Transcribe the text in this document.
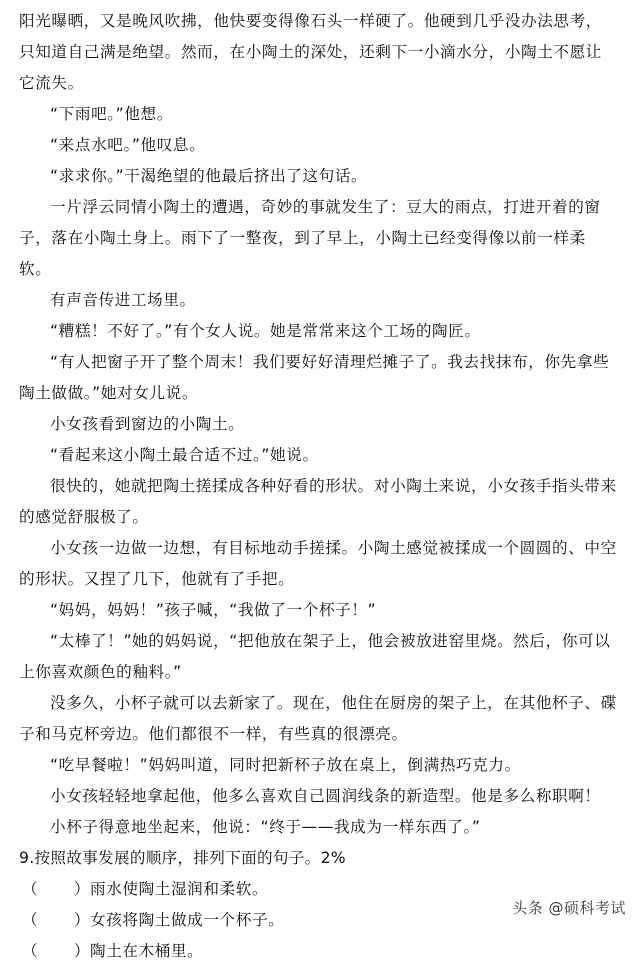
阳光曝晒，又是晚风吹拂，他快要变得像石头一样硬了。他硬到几乎没办法思考，只知道自己满是绝望。然而，在小陶土的深处，还剩下一小滴水分，小陶土不愿让它流失。

“下雨吧。”他想。

“来点水吧。”他叹息。

“求求你。”干渴绝望的他最后挤出了这句话。

一片浮云同情小陶土的遭遇，奇妙的事就发生了：豆大的雨点，打进开着的窗子，落在小陶土身上。雨下了一整夜，到了早上，小陶土已经变得像以前一样柔软。

有声音传进工场里。

“糟糕！不好了。”有个女人说。她是常常来这个工场的陶匠。

“有人把窗子开了整个周末！我们要好好清理烂摊子了。我去找抹布，你先拿些陶土做做。”她对女儿说。

小女孩看到窗边的小陶土。

“看起来这小陶土最合适不过。”她说。

很快的，她就把陶土搓揉成各种好看的形状。对小陶土来说，小女孩手指头带来的感觉舒服极了。

小女孩一边做一边想，有目标地动手搓揉。小陶土感觉被揉成一个圆圆的、中空的形状。又捏了几下，他就有了手把。

“妈妈，妈妈！”孩子喊，“我做了一个杯子！”

“太棒了！”她的妈妈说，“把他放在架子上，他会被放进窑里烧。然后，你可以上你喜欢颜色的釉料。”

没多久，小杯子就可以去新家了。现在，他住在厨房的架子上，在其他杯子、碟子和马克杯旁边。他们都很不一样，有些真的很漂亮。

“吃早餐啦！”妈妈叫道，同时把新杯子放在桌上，倒满热巧克力。

小女孩轻轻地拿起他，他多么喜欢自己圆润线条的新造型。他是多么称职啊！

小杯子得意地坐起来，他说：“终于——我成为一样东西了。”

9.按照故事发展的顺序，排列下面的句子。2%

（ ）雨水使陶土湿润和柔软。
（ ）女孩将陶土做成一个杯子。
（ ）陶土在木桶里。
头条 @硕科考试
